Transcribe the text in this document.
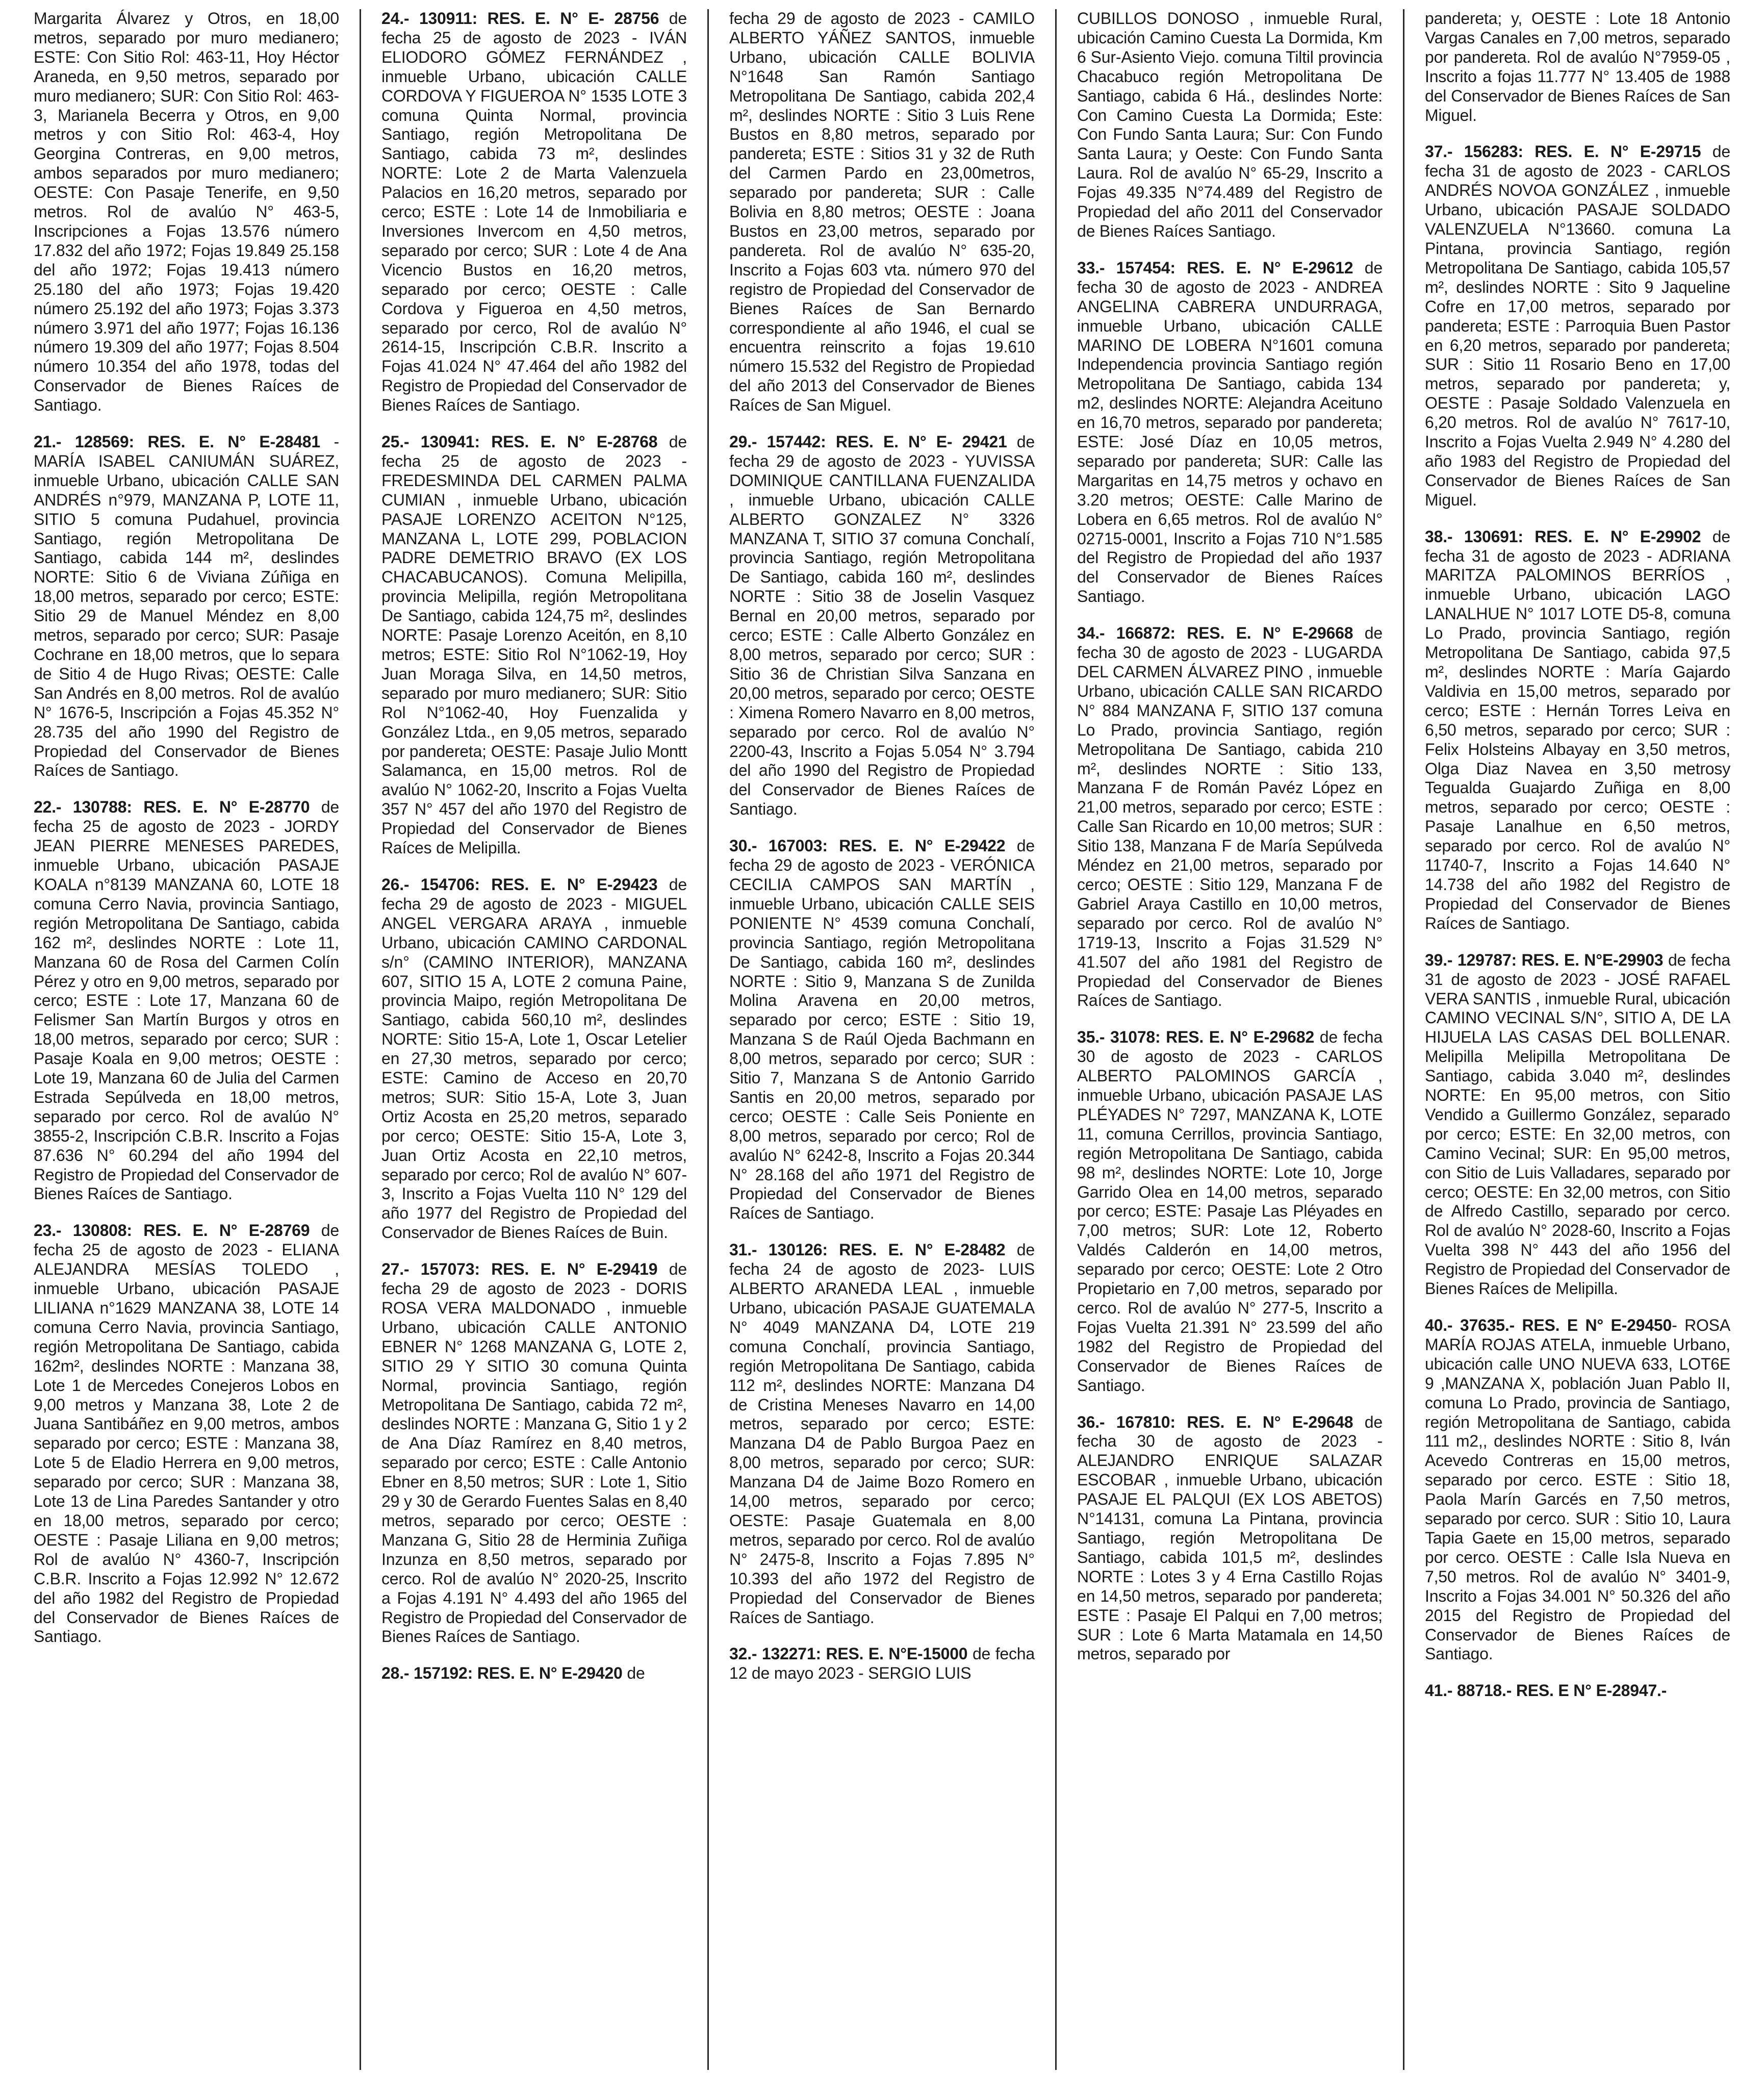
Margarita Álvarez y Otros, en 18,00 metros, separado por muro medianero; ESTE: Con Sitio Rol: 463-11, Hoy Héctor Araneda, en 9,50 metros, separado por muro medianero; SUR: Con Sitio Rol: 463-3, Marianela Becerra y Otros, en 9,00 metros y con Sitio Rol: 463-4, Hoy Georgina Contreras, en 9,00 metros, ambos separados por muro medianero; OESTE: Con Pasaje Tenerife, en 9,50 metros. Rol de avalúo N° 463-5, Inscripciones a Fojas 13.576 número 17.832 del año 1972; Fojas 19.849 25.158 del año 1972; Fojas 19.413 número 25.180 del año 1973; Fojas 19.420 número 25.192 del año 1973; Fojas 3.373 número 3.971 del año 1977; Fojas 16.136 número 19.309 del año 1977; Fojas 8.504 número 10.354 del año 1978, todas del Conservador de Bienes Raíces de Santiago.

21.- 128569: RES. E. N° E-28481 - MARÍA ISABEL CANIUMÁN SUÁREZ, inmueble Urbano, ubicación CALLE SAN ANDRÉS n°979, MANZANA P, LOTE 11, SITIO 5 comuna Pudahuel, provincia Santiago, región Metropolitana De Santiago, cabida 144 m², deslindes NORTE: Sitio 6 de Viviana Zúñiga en 18,00 metros, separado por cerco; ESTE: Sitio 29 de Manuel Méndez en 8,00 metros, separado por cerco; SUR: Pasaje Cochrane en 18,00 metros, que lo separa de Sitio 4 de Hugo Rivas; OESTE: Calle San Andrés en 8,00 metros. Rol de avalúo N° 1676-5, Inscripción a Fojas 45.352 N° 28.735 del año 1990 del Registro de Propiedad del Conservador de Bienes Raíces de Santiago.

22.- 130788: RES. E. N° E-28770 de fecha 25 de agosto de 2023 - JORDY JEAN PIERRE MENESES PAREDES, inmueble Urbano, ubicación PASAJE KOALA n°8139 MANZANA 60, LOTE 18 comuna Cerro Navia, provincia Santiago, región Metropolitana De Santiago, cabida 162 m², deslindes NORTE : Lote 11, Manzana 60 de Rosa del Carmen Colín Pérez y otro en 9,00 metros, separado por cerco; ESTE : Lote 17, Manzana 60 de Felismer San Martín Burgos y otros en 18,00 metros, separado por cerco; SUR : Pasaje Koala en 9,00 metros; OESTE : Lote 19, Manzana 60 de Julia del Carmen Estrada Sepúlveda en 18,00 metros, separado por cerco. Rol de avalúo N° 3855-2, Inscripción C.B.R. Inscrito a Fojas 87.636 N° 60.294 del año 1994 del Registro de Propiedad del Conservador de Bienes Raíces de Santiago.

23.- 130808: RES. E. N° E-28769 de fecha 25 de agosto de 2023 - ELIANA ALEJANDRA MESÍAS TOLEDO , inmueble Urbano, ubicación PASAJE LILIANA n°1629 MANZANA 38, LOTE 14 comuna Cerro Navia, provincia Santiago, región Metropolitana De Santiago, cabida 162m², deslindes NORTE : Manzana 38, Lote 1 de Mercedes Conejeros Lobos en 9,00 metros y Manzana 38, Lote 2 de Juana Santibáñez en 9,00 metros, ambos separado por cerco; ESTE : Manzana 38, Lote 5 de Eladio Herrera en 9,00 metros, separado por cerco; SUR : Manzana 38, Lote 13 de Lina Paredes Santander y otro en 18,00 metros, separado por cerco; OESTE : Pasaje Liliana en 9,00 metros; Rol de avalúo N° 4360-7, Inscripción C.B.R. Inscrito a Fojas 12.992 N° 12.672 del año 1982 del Registro de Propiedad del Conservador de Bienes Raíces de Santiago.

24.- 130911: RES. E. N° E- 28756 de fecha 25 de agosto de 2023 - IVÁN ELIODORO GÓMEZ FERNÁNDEZ , inmueble Urbano, ubicación CALLE CORDOVA Y FIGUEROA N° 1535 LOTE 3 comuna Quinta Normal, provincia Santiago, región Metropolitana De Santiago, cabida 73 m², deslindes NORTE: Lote 2 de Marta Valenzuela Palacios en 16,20 metros, separado por cerco; ESTE : Lote 14 de Inmobiliaria e Inversiones Invercom en 4,50 metros, separado por cerco; SUR : Lote 4 de Ana Vicencio Bustos en 16,20 metros, separado por cerco; OESTE : Calle Cordova y Figueroa en 4,50 metros, separado por cerco, Rol de avalúo N° 2614-15, Inscripción C.B.R. Inscrito a Fojas 41.024 N° 47.464 del año 1982 del Registro de Propiedad del Conservador de Bienes Raíces de Santiago.

25.- 130941: RES. E. N° E-28768 de fecha 25 de agosto de 2023 - FREDESMINDA DEL CARMEN PALMA CUMIAN , inmueble Urbano, ubicación PASAJE LORENZO ACEITON N°125, MANZANA L, LOTE 299, POBLACION PADRE DEMETRIO BRAVO (EX LOS CHACABUCANOS). Comuna Melipilla, provincia Melipilla, región Metropolitana De Santiago, cabida 124,75 m², deslindes NORTE: Pasaje Lorenzo Aceitón, en 8,10 metros; ESTE: Sitio Rol N°1062-19, Hoy Juan Moraga Silva, en 14,50 metros, separado por muro medianero; SUR: Sitio Rol N°1062-40, Hoy Fuenzalida y González Ltda., en 9,05 metros, separado por pandereta; OESTE: Pasaje Julio Montt Salamanca, en 15,00 metros. Rol de avalúo N° 1062-20, Inscrito a Fojas Vuelta 357 N° 457 del año 1970 del Registro de Propiedad del Conservador de Bienes Raíces de Melipilla.

26.- 154706: RES. E. N° E-29423 de fecha 29 de agosto de 2023 - MIGUEL ANGEL VERGARA ARAYA , inmueble Urbano, ubicación CAMINO CARDONAL s/n° (CAMINO INTERIOR), MANZANA 607, SITIO 15 A, LOTE 2 comuna Paine, provincia Maipo, región Metropolitana De Santiago, cabida 560,10 m², deslindes NORTE: Sitio 15-A, Lote 1, Oscar Letelier en 27,30 metros, separado por cerco; ESTE: Camino de Acceso en 20,70 metros; SUR: Sitio 15-A, Lote 3, Juan Ortiz Acosta en 25,20 metros, separado por cerco; OESTE: Sitio 15-A, Lote 3, Juan Ortiz Acosta en 22,10 metros, separado por cerco; Rol de avalúo N° 607-3, Inscrito a Fojas Vuelta 110 N° 129 del año 1977 del Registro de Propiedad del Conservador de Bienes Raíces de Buin.

27.- 157073: RES. E. N° E-29419 de fecha 29 de agosto de 2023 - DORIS ROSA VERA MALDONADO , inmueble Urbano, ubicación CALLE ANTONIO EBNER N° 1268 MANZANA G, LOTE 2, SITIO 29 Y SITIO 30 comuna Quinta Normal, provincia Santiago, región Metropolitana De Santiago, cabida 72 m², deslindes NORTE : Manzana G, Sitio 1 y 2 de Ana Díaz Ramírez en 8,40 metros, separado por cerco; ESTE : Calle Antonio Ebner en 8,50 metros; SUR : Lote 1, Sitio 29 y 30 de Gerardo Fuentes Salas en 8,40 metros, separado por cerco; OESTE : Manzana G, Sitio 28 de Herminia Zuñiga Inzunza en 8,50 metros, separado por cerco. Rol de avalúo N° 2020-25, Inscrito a Fojas 4.191 N° 4.493 del año 1965 del Registro de Propiedad del Conservador de Bienes Raíces de Santiago.

28.- 157192: RES. E. N° E-29420 de

fecha 29 de agosto de 2023 - CAMILO ALBERTO YÁÑEZ SANTOS, inmueble Urbano, ubicación CALLE BOLIVIA N°1648 San Ramón Santiago Metropolitana De Santiago, cabida 202,4 m², deslindes NORTE : Sitio 3 Luis Rene Bustos en 8,80 metros, separado por pandereta; ESTE : Sitios 31 y 32 de Ruth del Carmen Pardo en 23,00metros, separado por pandereta; SUR : Calle Bolivia en 8,80 metros; OESTE : Joana Bustos en 23,00 metros, separado por pandereta. Rol de avalúo N° 635-20, Inscrito a Fojas 603 vta. número 970 del registro de Propiedad del Conservador de Bienes Raíces de San Bernardo correspondiente al año 1946, el cual se encuentra reinscrito a fojas 19.610 número 15.532 del Registro de Propiedad del año 2013 del Conservador de Bienes Raíces de San Miguel.

29.- 157442: RES. E. N° E- 29421 de fecha 29 de agosto de 2023 - YUVISSA DOMINIQUE CANTILLANA FUENZALIDA , inmueble Urbano, ubicación CALLE ALBERTO GONZALEZ N° 3326 MANZANA T, SITIO 37 comuna Conchalí, provincia Santiago, región Metropolitana De Santiago, cabida 160 m², deslindes NORTE : Sitio 38 de Joselin Vasquez Bernal en 20,00 metros, separado por cerco; ESTE : Calle Alberto González en 8,00 metros, separado por cerco; SUR : Sitio 36 de Christian Silva Sanzana en 20,00 metros, separado por cerco; OESTE : Ximena Romero Navarro en 8,00 metros, separado por cerco. Rol de avalúo N° 2200-43, Inscrito a Fojas 5.054 N° 3.794 del año 1990 del Registro de Propiedad del Conservador de Bienes Raíces de Santiago.

30.- 167003: RES. E. N° E-29422 de fecha 29 de agosto de 2023 - VERÓNICA CECILIA CAMPOS SAN MARTÍN , inmueble Urbano, ubicación CALLE SEIS PONIENTE N° 4539 comuna Conchalí, provincia Santiago, región Metropolitana De Santiago, cabida 160 m², deslindes NORTE : Sitio 9, Manzana S de Zunilda Molina Aravena en 20,00 metros, separado por cerco; ESTE : Sitio 19, Manzana S de Raúl Ojeda Bachmann en 8,00 metros, separado por cerco; SUR : Sitio 7, Manzana S de Antonio Garrido Santis en 20,00 metros, separado por cerco; OESTE : Calle Seis Poniente en 8,00 metros, separado por cerco; Rol de avalúo N° 6242-8, Inscrito a Fojas 20.344 N° 28.168 del año 1971 del Registro de Propiedad del Conservador de Bienes Raíces de Santiago.

31.- 130126: RES. E. N° E-28482 de fecha 24 de agosto de 2023- LUIS ALBERTO ARANEDA LEAL , inmueble Urbano, ubicación PASAJE GUATEMALA N° 4049 MANZANA D4, LOTE 219 comuna Conchalí, provincia Santiago, región Metropolitana De Santiago, cabida 112 m², deslindes NORTE: Manzana D4 de Cristina Meneses Navarro en 14,00 metros, separado por cerco; ESTE: Manzana D4 de Pablo Burgoa Paez en 8,00 metros, separado por cerco; SUR: Manzana D4 de Jaime Bozo Romero en 14,00 metros, separado por cerco; OESTE: Pasaje Guatemala en 8,00 metros, separado por cerco. Rol de avalúo N° 2475-8, Inscrito a Fojas 7.895 N° 10.393 del año 1972 del Registro de Propiedad del Conservador de Bienes Raíces de Santiago.

32.- 132271: RES. E. N°E-15000 de fecha 12 de mayo 2023 - SERGIO LUIS

CUBILLOS DONOSO , inmueble Rural, ubicación Camino Cuesta La Dormida, Km 6 Sur-Asiento Viejo. comuna Tiltil provincia Chacabuco región Metropolitana De Santiago, cabida 6 Há., deslindes Norte: Con Camino Cuesta La Dormida; Este: Con Fundo Santa Laura; Sur: Con Fundo Santa Laura; y Oeste: Con Fundo Santa Laura. Rol de avalúo N° 65-29, Inscrito a Fojas 49.335 N°74.489 del Registro de Propiedad del año 2011 del Conservador de Bienes Raíces Santiago.

33.- 157454: RES. E. N° E-29612 de fecha 30 de agosto de 2023 - ANDREA ANGELINA CABRERA UNDURRAGA, inmueble Urbano, ubicación CALLE MARINO DE LOBERA N°1601 comuna Independencia provincia Santiago región Metropolitana De Santiago, cabida 134 m2, deslindes NORTE: Alejandra Aceituno en 16,70 metros, separado por pandereta; ESTE: José Díaz en 10,05 metros, separado por pandereta; SUR: Calle las Margaritas en 14,75 metros y ochavo en 3.20 metros; OESTE: Calle Marino de Lobera en 6,65 metros. Rol de avalúo N° 02715-0001, Inscrito a Fojas 710 N°1.585 del Registro de Propiedad del año 1937 del Conservador de Bienes Raíces Santiago.

34.- 166872: RES. E. N° E-29668 de fecha 30 de agosto de 2023 - LUGARDA DEL CARMEN ÁLVAREZ PINO , inmueble Urbano, ubicación CALLE SAN RICARDO N° 884 MANZANA F, SITIO 137 comuna Lo Prado, provincia Santiago, región Metropolitana De Santiago, cabida 210 m², deslindes NORTE : Sitio 133, Manzana F de Román Pavéz López en 21,00 metros, separado por cerco; ESTE : Calle San Ricardo en 10,00 metros; SUR : Sitio 138, Manzana F de María Sepúlveda Méndez en 21,00 metros, separado por cerco; OESTE : Sitio 129, Manzana F de Gabriel Araya Castillo en 10,00 metros, separado por cerco. Rol de avalúo N° 1719-13, Inscrito a Fojas 31.529 N° 41.507 del año 1981 del Registro de Propiedad del Conservador de Bienes Raíces de Santiago.

35.- 31078: RES. E. N° E-29682 de fecha 30 de agosto de 2023 - CARLOS ALBERTO PALOMINOS GARCÍA , inmueble Urbano, ubicación PASAJE LAS PLÉYADES N° 7297, MANZANA K, LOTE 11, comuna Cerrillos, provincia Santiago, región Metropolitana De Santiago, cabida 98 m², deslindes NORTE: Lote 10, Jorge Garrido Olea en 14,00 metros, separado por cerco; ESTE: Pasaje Las Pléyades en 7,00 metros; SUR: Lote 12, Roberto Valdés Calderón en 14,00 metros, separado por cerco; OESTE: Lote 2 Otro Propietario en 7,00 metros, separado por cerco. Rol de avalúo N° 277-5, Inscrito a Fojas Vuelta 21.391 N° 23.599 del año 1982 del Registro de Propiedad del Conservador de Bienes Raíces de Santiago.

36.- 167810: RES. E. N° E-29648 de fecha 30 de agosto de 2023 - ALEJANDRO ENRIQUE SALAZAR ESCOBAR , inmueble Urbano, ubicación PASAJE EL PALQUI (EX LOS ABETOS) N°14131, comuna La Pintana, provincia Santiago, región Metropolitana De Santiago, cabida 101,5 m², deslindes NORTE : Lotes 3 y 4 Erna Castillo Rojas en 14,50 metros, separado por pandereta; ESTE : Pasaje El Palqui en 7,00 metros; SUR : Lote 6 Marta Matamala en 14,50 metros, separado por

pandereta; y, OESTE : Lote 18 Antonio Vargas Canales en 7,00 metros, separado por pandereta. Rol de avalúo N°7959-05 , Inscrito a fojas 11.777 N° 13.405 de 1988 del Conservador de Bienes Raíces de San Miguel.

37.- 156283: RES. E. N° E-29715 de fecha 31 de agosto de 2023 - CARLOS ANDRÉS NOVOA GONZÁLEZ , inmueble Urbano, ubicación PASAJE SOLDADO VALENZUELA N°13660. comuna La Pintana, provincia Santiago, región Metropolitana De Santiago, cabida 105,57 m², deslindes NORTE : Sito 9 Jaqueline Cofre en 17,00 metros, separado por pandereta; ESTE : Parroquia Buen Pastor en 6,20 metros, separado por pandereta; SUR : Sitio 11 Rosario Beno en 17,00 metros, separado por pandereta; y, OESTE : Pasaje Soldado Valenzuela en 6,20 metros. Rol de avalúo N° 7617-10, Inscrito a Fojas Vuelta 2.949 N° 4.280 del año 1983 del Registro de Propiedad del Conservador de Bienes Raíces de San Miguel.

38.- 130691: RES. E. N° E-29902 de fecha 31 de agosto de 2023 - ADRIANA MARITZA PALOMINOS BERRÍOS , inmueble Urbano, ubicación LAGO LANALHUE N° 1017 LOTE D5-8, comuna Lo Prado, provincia Santiago, región Metropolitana De Santiago, cabida 97,5 m², deslindes NORTE : María Gajardo Valdivia en 15,00 metros, separado por cerco; ESTE : Hernán Torres Leiva en 6,50 metros, separado por cerco; SUR : Felix Holsteins Albayay en 3,50 metros, Olga Diaz Navea en 3,50 metrosy Tegualda Guajardo Zuñiga en 8,00 metros, separado por cerco; OESTE : Pasaje Lanalhue en 6,50 metros, separado por cerco. Rol de avalúo N° 11740-7, Inscrito a Fojas 14.640 N° 14.738 del año 1982 del Registro de Propiedad del Conservador de Bienes Raíces de Santiago.

39.- 129787: RES. E. N°E-29903 de fecha 31 de agosto de 2023 - JOSÉ RAFAEL VERA SANTIS , inmueble Rural, ubicación CAMINO VECINAL S/N°, SITIO A, DE LA HIJUELA LAS CASAS DEL BOLLENAR. Melipilla Melipilla Metropolitana De Santiago, cabida 3.040 m², deslindes NORTE: En 95,00 metros, con Sitio Vendido a Guillermo González, separado por cerco; ESTE: En 32,00 metros, con Camino Vecinal; SUR: En 95,00 metros, con Sitio de Luis Valladares, separado por cerco; OESTE: En 32,00 metros, con Sitio de Alfredo Castillo, separado por cerco. Rol de avalúo N° 2028-60, Inscrito a Fojas Vuelta 398 N° 443 del año 1956 del Registro de Propiedad del Conservador de Bienes Raíces de Melipilla.

40.- 37635.- RES. E N° E-29450- ROSA MARÍA ROJAS ATELA, inmueble Urbano, ubicación calle UNO NUEVA 633, LOT6E 9 ,MANZANA X, población Juan Pablo II, comuna Lo Prado, provincia de Santiago, región Metropolitana de Santiago, cabida 111 m2,, deslindes NORTE : Sitio 8, Iván Acevedo Contreras en 15,00 metros, separado por cerco. ESTE : Sitio 18, Paola Marín Garcés en 7,50 metros, separado por cerco. SUR : Sitio 10, Laura Tapia Gaete en 15,00 metros, separado por cerco. OESTE : Calle Isla Nueva en 7,50 metros. Rol de avalúo N° 3401-9, Inscrito a Fojas 34.001 N° 50.326 del año 2015 del Registro de Propiedad del Conservador de Bienes Raíces de Santiago.

41.- 88718.- RES. E N° E-28947.-
